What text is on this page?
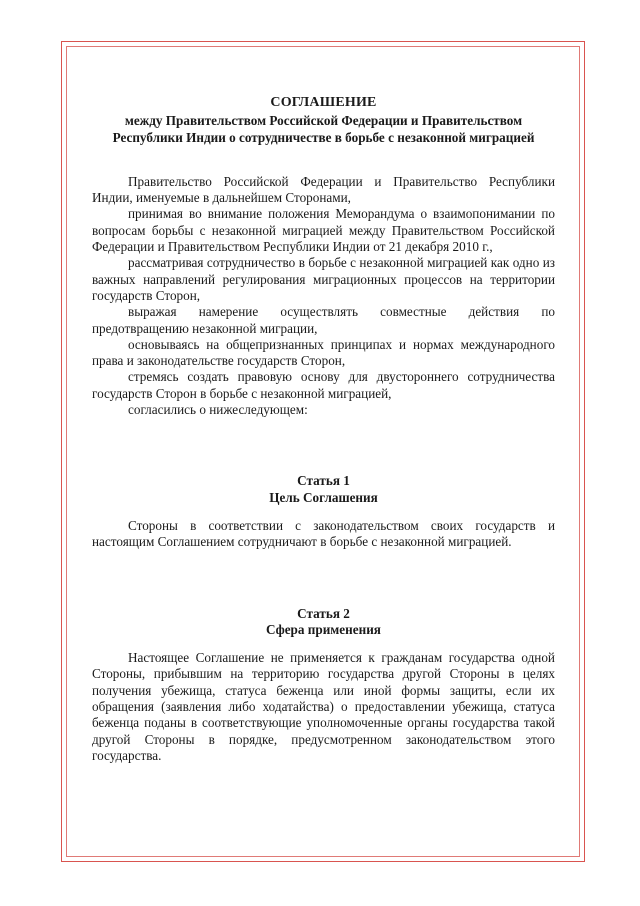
СОГЛАШЕНИЕ

между Правительством Российской Федерации и Правительством

Республики Индии о сотрудничестве в борьбе с незаконной миграцией

Правительство Российской Федерации и Правительство Республики Индии, именуемые в дальнейшем Сторонами,

принимая во внимание положения Меморандума о взаимопонимании по вопросам борьбы с незаконной миграцией между Правительством Российской Федерации и Правительством Республики Индии от 21 декабря 2010 г.,

рассматривая сотрудничество в борьбе с незаконной миграцией как одно из важных направлений регулирования миграционных процессов на территории государств Сторон,

выражая намерение осуществлять совместные действия по предотвращению незаконной миграции,

основываясь на общепризнанных принципах и нормах международного права и законодательстве государств Сторон,

стремясь создать правовую основу для двустороннего сотрудничества государств Сторон в борьбе с незаконной миграцией,

согласились о нижеследующем:

Статья 1

Цель Соглашения

Стороны в соответствии с законодательством своих государств и настоящим Соглашением сотрудничают в борьбе с незаконной миграцией.

Статья 2

Сфера применения

Настоящее Соглашение не применяется к гражданам государства одной Стороны, прибывшим на территорию государства другой Стороны в целях получения убежища, статуса беженца или иной формы защиты, если их обращения (заявления либо ходатайства) о предоставлении убежища, статуса беженца поданы в соответствующие уполномоченные органы государства такой другой Стороны в порядке, предусмотренном законодательством этого государства.
